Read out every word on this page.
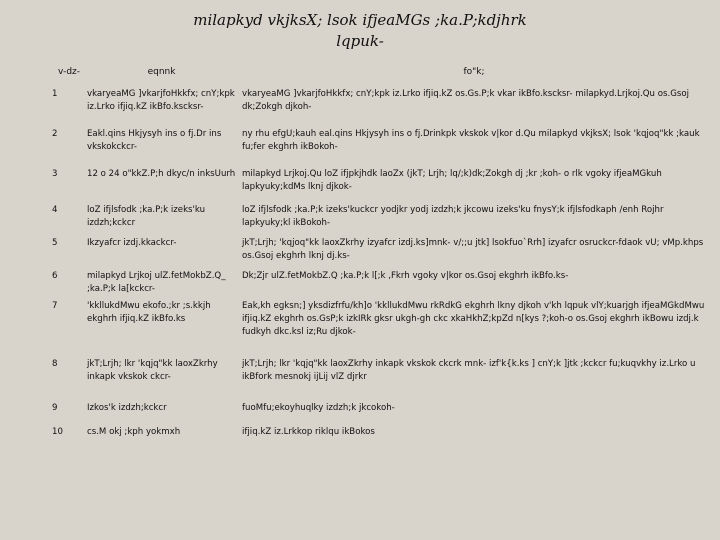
milapkyd vkjksX; lsok ifjeaMGs ;ka.P;kdjhrk
lqpuk-
v-dz-	eqnnk	fo"k;
1	vkaryeaMG ]vkarjfoHkkfx; cnY;kpk iz.Lrko ifjiq.kZ ikBfo.kscksr-	vkaryeaMG ]vkarjfoHkkfx; cnY;kpk iz.Lrko ifjiq.kZ os.Gs.P;k vkar ikBfo.kscksr- milapkyd.Lrjkoj.Qu os.Gsoj dk;Zokgh djkoh-
2	Eakl.qins Hkjysyh ins o fj.Dr ins vkskokckcr-	ny rhu efgU;kauh eal.qins Hkjysyh ins o fj.Drinkpk vkskok v|kor d.Qu milapkyd vkjksX; lsok 'kqjoq"kk ;kauk fu;fer ekghrh ikBokoh-
3	12 o 24 o"kkZ.P;h dkyc/n inksUurh	milapkyd Lrjkoj.Qu loZ ifjpkjhdk laoZx (jkT; Lrjh; lq/;k)dk;Zokgh dj ;kr ;koh- o rlk vgoky ifjeaMGkuh lapkyuky;kdMs lknj djkok-
4	loZ ifjlsfodk ;ka.P;k izeks'ku izdzh;kckcr	loZ ifjlsfodk ;ka.P;k izeks'kuckcr yodjkr yodj izdzh;k jkcowu izeks'ku fnysY;k ifjlsfodkaph /enh Rojhr lapkyuky;kl ikBokoh-
5	Ikzyafcr izdj.kkackcr-	jkT;Lrjh; 'kqjoq"kk laoxZkrhy izyafcr izdj.ks]mnk- v/;;u jtk] lsokfuo`Rrh] izyafcr osruckcr-fdaok vU; vMp.khps os.Gsoj ekghrh lknj dj.ks-
6	milapkyd Lrjkoj ulZ.fetMokbZ.Q_ ;ka.P;k la[kckcr-	Dk;Zjr ulZ.fetMokbZ.Q ;ka.P;k l[;k ,Fkrh vgoky v|kor os.Gsoj ekghrh ikBfo.ks-
7	'kkllukdMwu ekofo.;kr ;s.kkjh ekghrh ifjiq.kZ ikBfo.ks	Eak,kh egksn;] yksdizfrfu/kh]o 'kkllukdMwu rkRdkG ekghrh lkny djkoh v'kh lqpuk vlY;kuarjgh ifjeaMGkdMwu ifjiq.kZ ekghrh os.GsP;k izkIRk gksr ukgh-gh ckc xkaHkhZ;kpZd n[kys ?;koh-o os.Gsoj ekghrh ikBowu izdj.k fudkyh dkc.ksl iz;Ru djkok-
8	jkT;Lrjh; lkr 'kqjq"kk laoxZkrhy inkapk vkskok ckcr-	jkT;Lrjh; lkr 'kqjq"kk laoxZkrhy inkapk vkskok ckcrk mnk- izf'k{k.ks ] cnY;k ]jtk ;kckcr fu;kuqvkhy iz.Lrko u ikBfork mesnokj ijLij vlZ djrkr
9	Izkos'k izdzh;kckcr	fuoMfu;ekoyhuqlky izdzh;k jkcokoh-
10	cs.M okj ;kph yokmxh	ifjiq.kZ iz.Lrkkop riklqu ikBokos
